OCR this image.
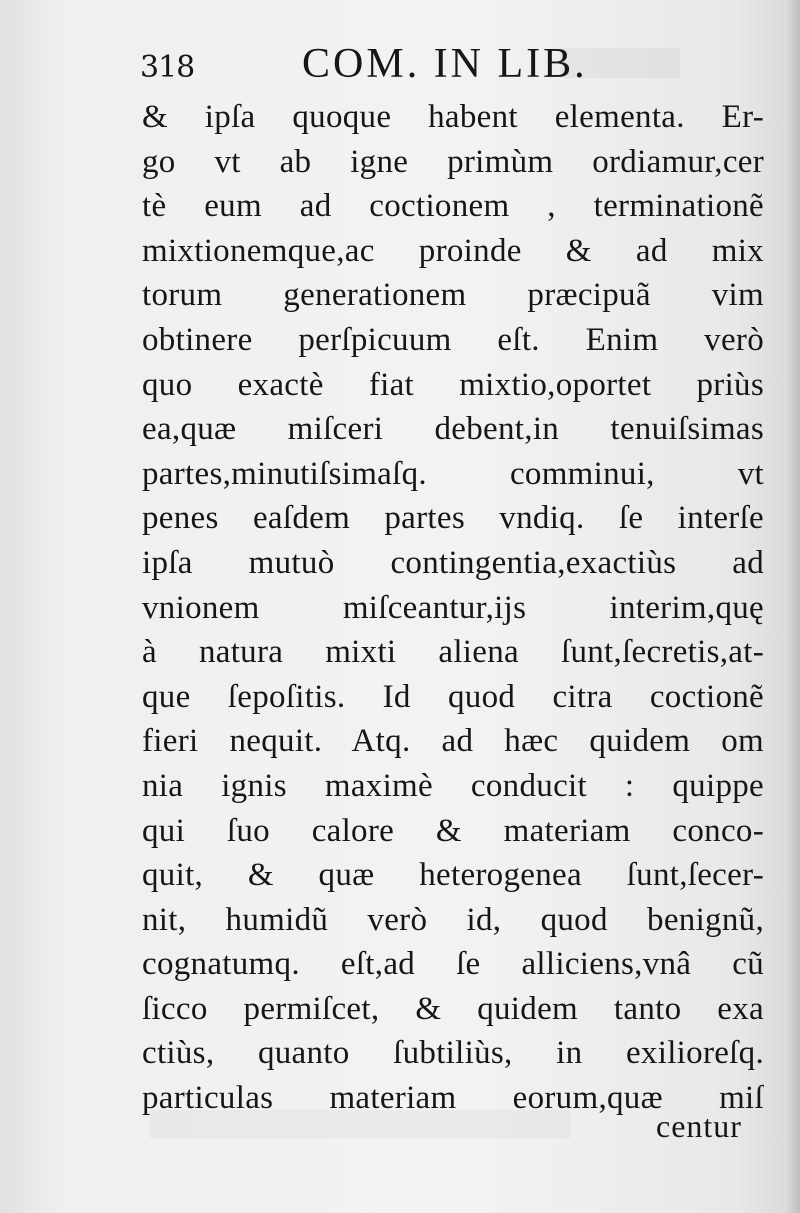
318	COM. IN LIB.
& ipſa quoque habent elementa. Er-
go vt ab igne primùm ordiamur,cer
tè eum ad coctionem , terminationẽ
mixtionemque,ac proinde & ad mix
torum generationem præcipuã vim
obtinere perſpicuum eſt. Enim verò
quo exactè fiat mixtio,oportet priùs
ea,quæ miſceri debent,in tenuiſsimas
partes,minutiſsimaſq. comminui, vt
penes eaſdem partes vndiq. ſe interſe
ipſa mutuò contingentia,exactiùs ad
vnionem miſceantur,ijs interim,quę
à natura mixti aliena ſunt,ſecretis,at-
que ſepoſitis. Id quod citra coctionẽ
fieri nequit. Atq. ad hæc quidem om
nia ignis maximè conducit : quippe
qui ſuo calore & materiam conco-
quit, & quæ heterogenea ſunt,ſecer-
nit, humidũ verò id, quod benignũ,
cognatumq. eſt,ad ſe alliciens,vnâ cũ
ſicco permiſcet, & quidem tanto exa
ctiùs, quanto ſubtiliùs, in exilioreſq.
particulas materiam eorum,quæ miſ
centur
